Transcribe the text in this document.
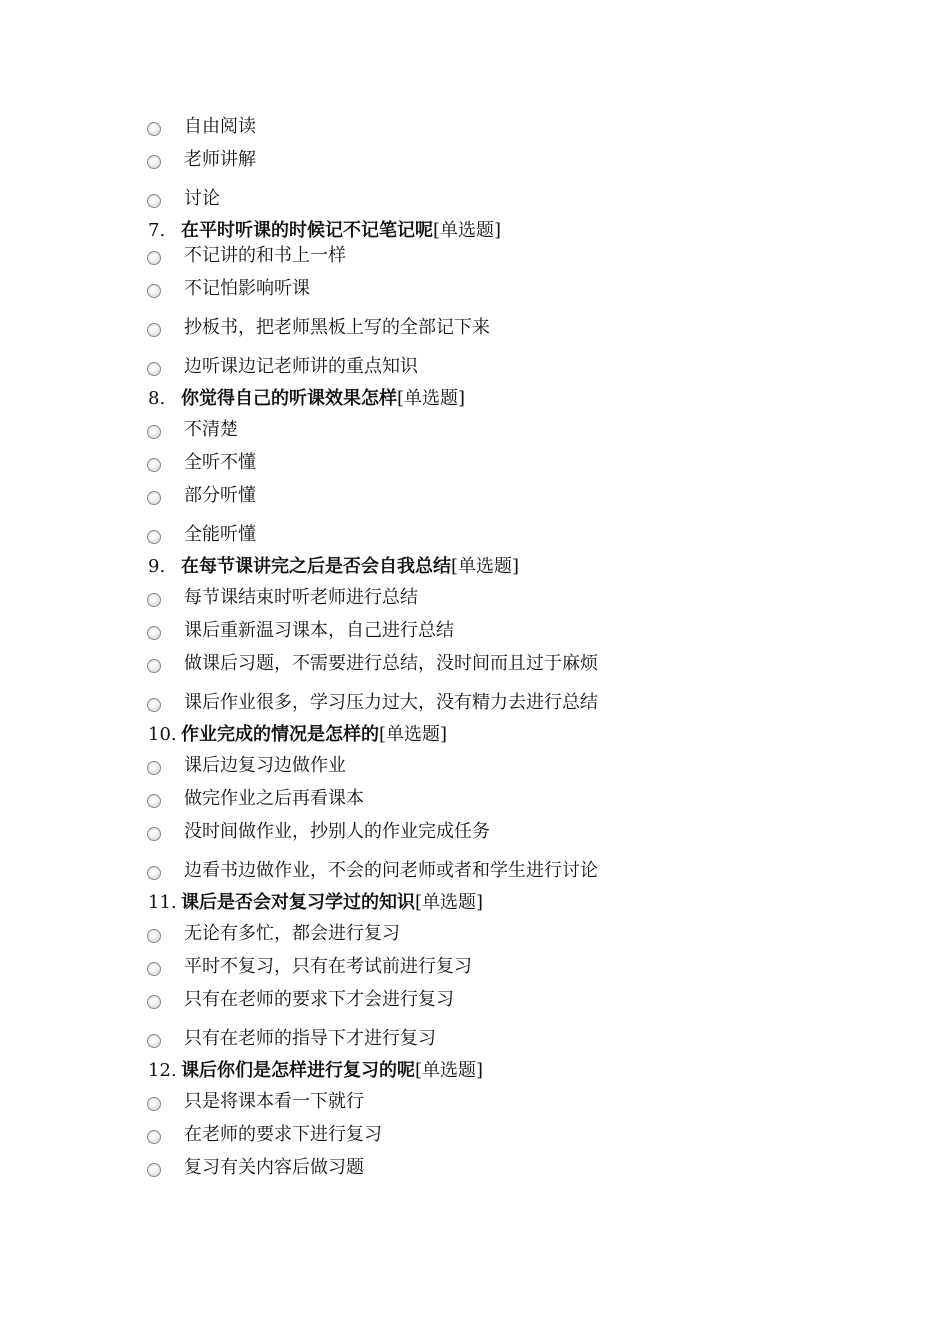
自由阅读
老师讲解
讨论
7. 在平时听课的时候记不记笔记呢[单选题]
不记讲的和书上一样
不记怕影响听课
抄板书，把老师黑板上写的全部记下来
边听课边记老师讲的重点知识
8. 你觉得自己的听课效果怎样[单选题]
不清楚
全听不懂
部分听懂
全能听懂
9. 在每节课讲完之后是否会自我总结[单选题]
每节课结束时听老师进行总结
课后重新温习课本，自己进行总结
做课后习题，不需要进行总结，没时间而且过于麻烦
课后作业很多，学习压力过大，没有精力去进行总结
10. 作业完成的情况是怎样的[单选题]
课后边复习边做作业
做完作业之后再看课本
没时间做作业，抄别人的作业完成任务
边看书边做作业，不会的问老师或者和学生进行讨论
11. 课后是否会对复习学过的知识[单选题]
无论有多忙，都会进行复习
平时不复习，只有在考试前进行复习
只有在老师的要求下才会进行复习
只有在老师的指导下才进行复习
12. 课后你们是怎样进行复习的呢[单选题]
只是将课本看一下就行
在老师的要求下进行复习
复习有关内容后做习题
